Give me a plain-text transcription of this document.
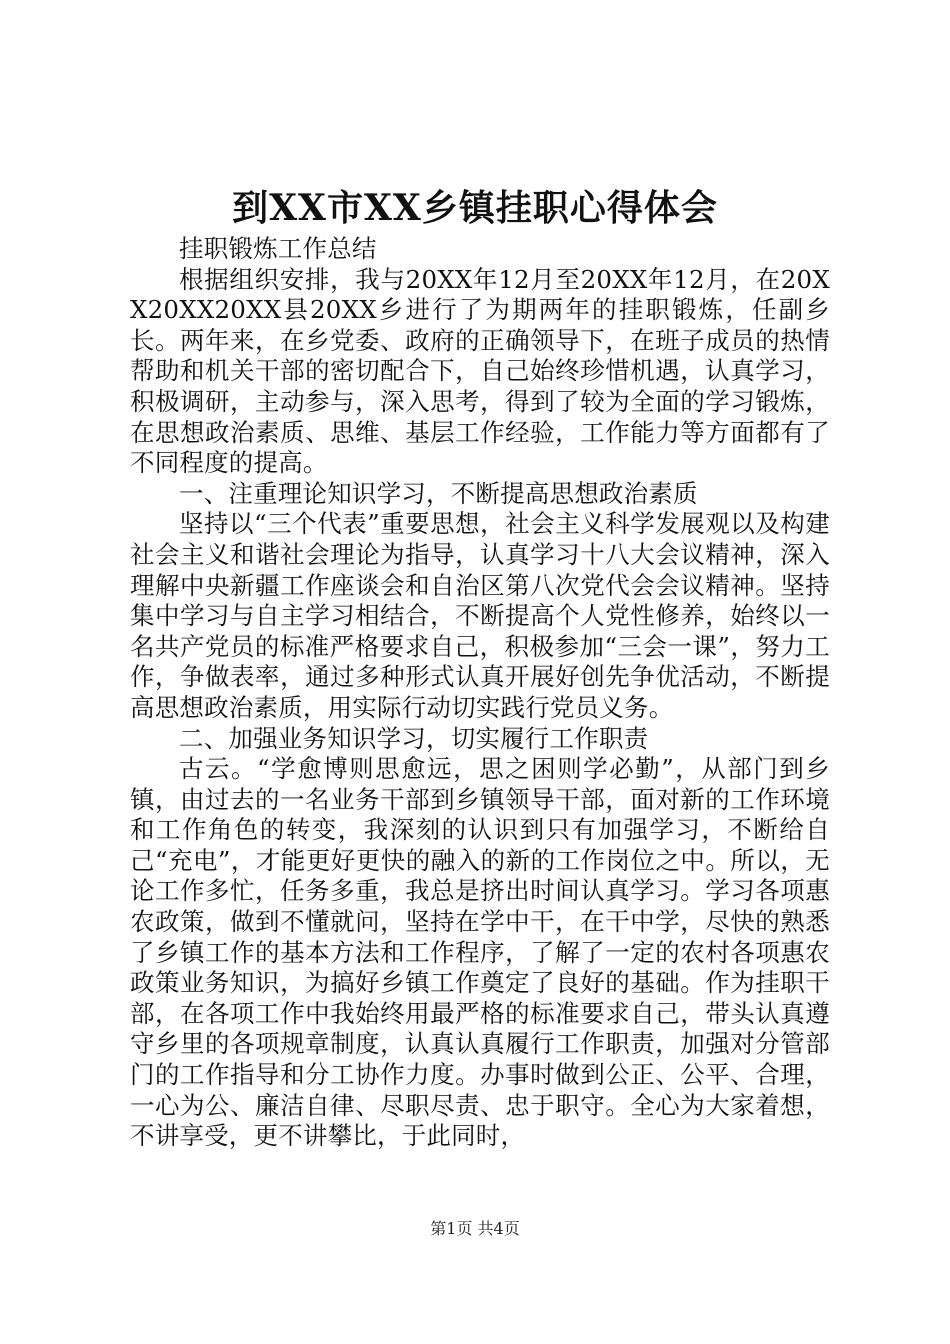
到XX市XX乡镇挂职心得体会

挂职锻炼工作总结

根据组织安排，我与20XX年12月至20XX年12月，在20XX20XX20XX县20XX乡进行了为期两年的挂职锻炼，任副乡长。两年来，在乡党委、政府的正确领导下，在班子成员的热情帮助和机关干部的密切配合下，自己始终珍惜机遇，认真学习，积极调研，主动参与，深入思考，得到了较为全面的学习锻炼，在思想政治素质、思维、基层工作经验，工作能力等方面都有了不同程度的提高。

一、注重理论知识学习，不断提高思想政治素质

坚持以“三个代表”重要思想，社会主义科学发展观以及构建社会主义和谐社会理论为指导，认真学习十八大会议精神，深入理解中央新疆工作座谈会和自治区第八次党代会会议精神。坚持集中学习与自主学习相结合，不断提高个人党性修养，始终以一名共产党员的标准严格要求自己，积极参加“三会一课”，努力工作，争做表率，通过多种形式认真开展好创先争优活动，不断提高思想政治素质，用实际行动切实践行党员义务。

二、加强业务知识学习，切实履行工作职责

古云。“学愈博则思愈远，思之困则学必勤”，从部门到乡镇，由过去的一名业务干部到乡镇领导干部，面对新的工作环境和工作角色的转变，我深刻的认识到只有加强学习，不断给自己“充电”，才能更好更快的融入的新的工作岗位之中。所以，无论工作多忙，任务多重，我总是挤出时间认真学习。学习各项惠农政策，做到不懂就问，坚持在学中干，在干中学，尽快的熟悉了乡镇工作的基本方法和工作程序，了解了一定的农村各项惠农政策业务知识，为搞好乡镇工作奠定了良好的基础。作为挂职干部，在各项工作中我始终用最严格的标准要求自己，带头认真遵守乡里的各项规章制度，认真认真履行工作职责，加强对分管部门的工作指导和分工协作力度。办事时做到公正、公平、合理，一心为公、廉洁自律、尽职尽责、忠于职守。全心为大家着想，不讲享受，更不讲攀比，于此同时，

第1页 共4页
